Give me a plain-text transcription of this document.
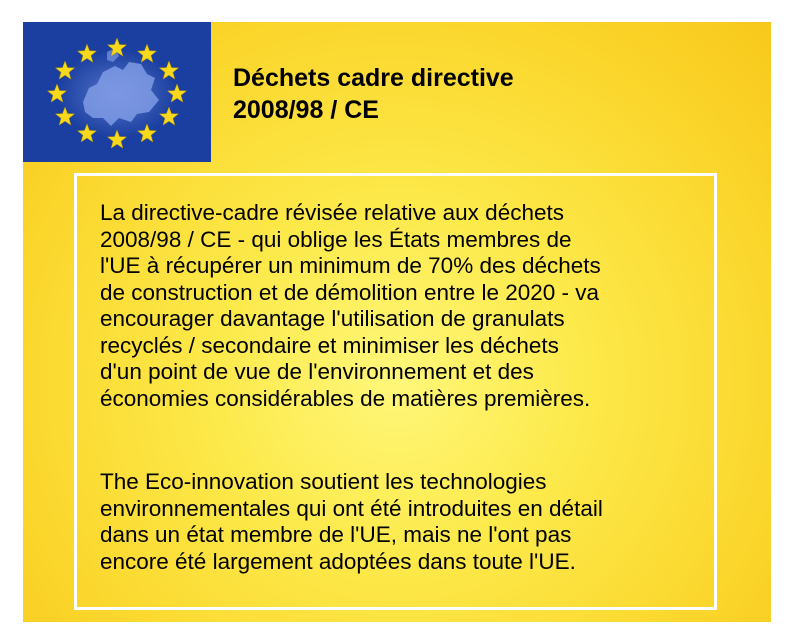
Déchets cadre directive
2008/98 / CE
La directive-cadre révisée relative aux déchets
2008/98 / CE - qui oblige les États membres de
l'UE à récupérer un minimum de 70% des déchets
de construction et de démolition entre le 2020 - va
encourager davantage l'utilisation de granulats
recyclés / secondaire et minimiser les déchets
d'un point de vue de l'environnement et des
économies considérables de matières premières.
The Eco-innovation soutient les technologies
environnementales qui ont été introduites en détail
dans un état membre de l'UE, mais ne l'ont pas
encore été largement adoptées dans toute l'UE.
